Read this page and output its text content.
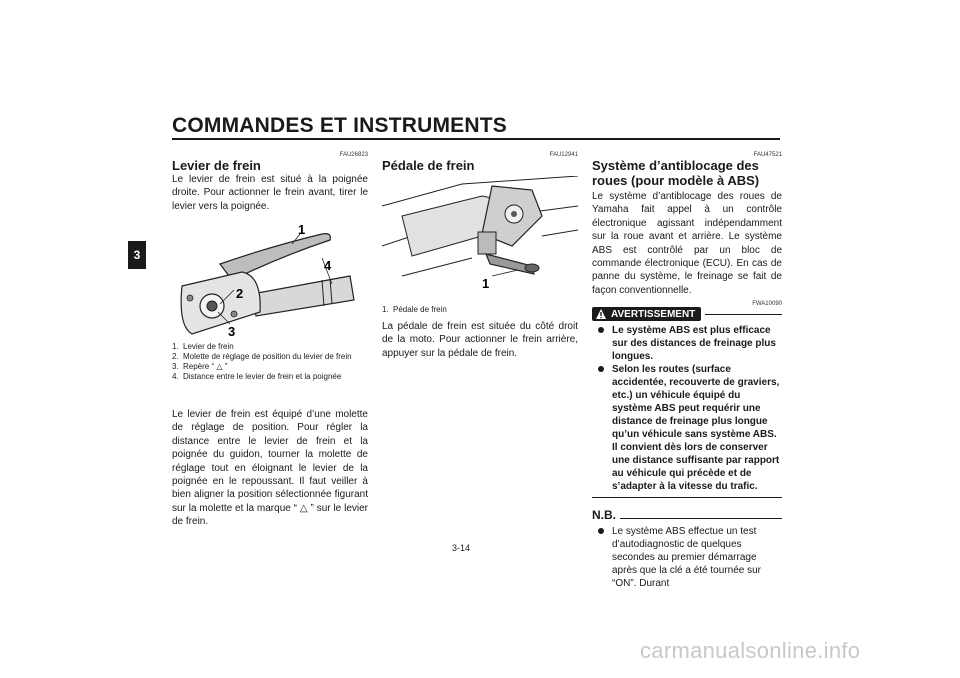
COMMANDES ET INSTRUMENTS
3
FAU26823
Levier de frein
Le levier de frein est situé à la poignée droite. Pour actionner le frein avant, tirer le levier vers la poignée.
1
4
2
3
1. Levier de frein
2. Molette de réglage de position du levier de frein
3. Repère “ △ ”
4. Distance entre le levier de frein et la poignée
Le levier de frein est équipé d’une molette de réglage de position. Pour régler la distance entre le levier de frein et la poignée du guidon, tourner la molette de réglage tout en éloignant le levier de la poignée en le repoussant. Il faut veiller à bien aligner la position sélectionnée figurant sur la molette et la marque “ △ ” sur le levier de frein.
FAU12941
Pédale de frein
1
1. Pédale de frein
La pédale de frein est située du côté droit de la moto. Pour actionner le frein arrière, appuyer sur la pédale de frein.
FAU47521
Système d’antiblocage des roues (pour modèle à ABS)
Le système d’antiblocage des roues de Yamaha fait appel à un contrôle électronique agissant indépendamment sur la roue avant et arrière. Le système ABS est contrôlé par un bloc de commande électronique (ECU). En cas de panne du système, le freinage se fait de façon conventionnelle.
FWA10090
AVERTISSEMENT
Le système ABS est plus efficace sur des distances de freinage plus longues.
Selon les routes (surface accidentée, recouverte de graviers, etc.) un véhicule équipé du système ABS peut requérir une distance de freinage plus longue qu’un véhicule sans système ABS. Il convient dès lors de conserver une distance suffisante par rapport au véhicule qui précède et de s’adapter à la vitesse du trafic.
N.B.
Le système ABS effectue un test d’autodiagnostic de quelques secondes au premier démarrage après que la clé a été tournée sur “ON”. Durant
3-14
carmanualsonline.info
